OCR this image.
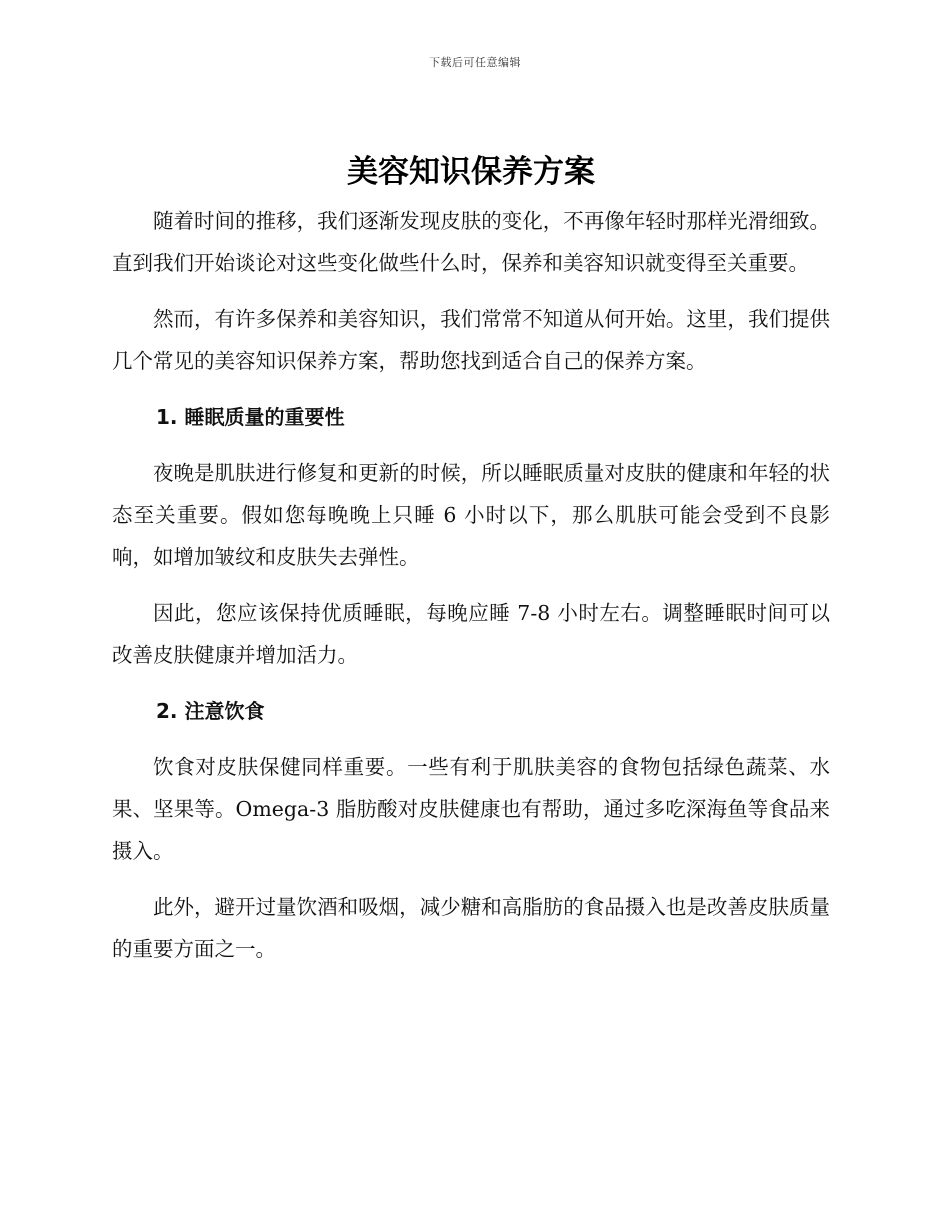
下载后可任意编辑
美容知识保养方案

随着时间的推移，我们逐渐发现皮肤的变化，不再像年轻时那样光滑细致。直到我们开始谈论对这些变化做些什么时，保养和美容知识就变得至关重要。

然而，有许多保养和美容知识，我们常常不知道从何开始。这里，我们提供几个常见的美容知识保养方案，帮助您找到适合自己的保养方案。

1. 睡眠质量的重要性

夜晚是肌肤进行修复和更新的时候，所以睡眠质量对皮肤的健康和年轻的状态至关重要。假如您每晚晚上只睡 6 小时以下，那么肌肤可能会受到不良影响，如增加皱纹和皮肤失去弹性。

因此，您应该保持优质睡眠，每晚应睡 7-8 小时左右。调整睡眠时间可以改善皮肤健康并增加活力。

2. 注意饮食

饮食对皮肤保健同样重要。一些有利于肌肤美容的食物包括绿色蔬菜、水果、坚果等。Omega-3 脂肪酸对皮肤健康也有帮助，通过多吃深海鱼等食品来摄入。

此外，避开过量饮酒和吸烟，减少糖和高脂肪的食品摄入也是改善皮肤质量的重要方面之一。
